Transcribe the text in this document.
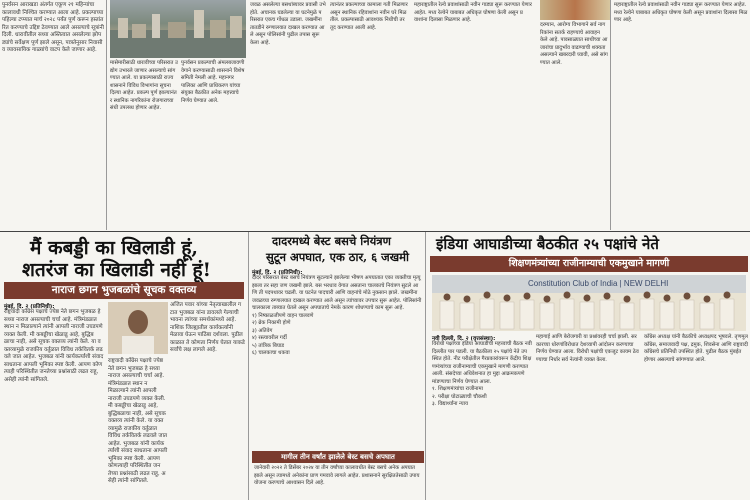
पुनर्वसन आराखडा अंतर्गत एकूण २१ महिन्यांचा कालावधी निश्चित करण्यात आला आहे. प्रकल्पाच्या पहिल्या टप्प्यात मार्च २०२८ पर्यंत पूर्ण करून हस्तांतरित करण्याचे उद्दिष्ट ठेवण्यात आले असल्याचे सूत्रांनी दिली. धारावीतील सध्या अस्तित्वात असलेल्या झोपड्यांचे सर्वेक्षण पूर्ण झाले असून, पात्रतेनुसार निवासी व व्यावसायिक गाळ्यांचे वाटप केले जाणार आहे.
मासेमारीसाठी धारावीच्या परिसरात उद्योग उभारले जाणार असल्याचे सांगण्यात आले. या प्रकल्पासाठी राज्य शासनाने विविध विभागांना सूचना दिल्या आहेत. प्रकल्प पूर्ण झाल्यानंतर स्थानिक नागरिकांना रोजगाराच्या संधी उपलब्ध होणार आहेत.
पुनर्वसन प्रकल्पाची अंमलबजावणी वेगाने करण्यासाठी शासनाने विशेष समिती नेमली आहे. महानगरपालिका आणि प्राधिकरण यांच्या संयुक्त बैठकीत अनेक महत्त्वाचे निर्णय घेण्यात आले.
जवळ असलेल्या बसथांब्यावर प्रवासी उभे होते. अचानक घडलेल्या या घटनेमुळे परिसरात एकच गोंधळ उडाला. जखमींना तातडीने रुग्णालयात दाखल करण्यात आले असून पोलिसांनी पुढील तपास सुरू केला आहे.
त्यानंतर प्रकल्पाच्या कामाला गती मिळणार असून स्थानिक रहिवाशांना नवीन घरे मिळतील. प्रकल्पासाठी आवश्यक निधीची तरतूद करण्यात आली आहे.
महाराष्ट्रातील रेल्वे प्रवाशांसाठी नवीन गाड्या सुरू करण्यात येणार आहेत. मध्य रेल्वेने याबाबत अधिकृत घोषणा केली असून प्रवाशांना दिलासा मिळणार आहे.
दरम्यान, आरोग्य विभागाने सर्व नागरिकांना सतर्क राहण्याचे आवाहन केले आहे. पावसाळ्यात साथीच्या आजारांचा प्रादुर्भाव वाढण्याची शक्यता असल्याने खबरदारी घ्यावी, असे सांगण्यात आले.
महाराष्ट्रातील रेल्वे प्रवाशांसाठी नवीन गाड्या सुरू करण्यात येणार आहेत. मध्य रेल्वेने याबाबत अधिकृत घोषणा केली असून प्रवाशांना दिलासा मिळणार आहे.
मैं कबड्डी का खिलाडी हूं,
शतरंज का खिलाडी नहीं हूं!
नाराज छगन भुजबळांचे सूचक वक्तव्य
मुंबई, दि. २ (प्रतिनिधी):
राष्ट्रवादी काँग्रेस पक्षाचे ज्येष्ठ नेते छगन भुजबळ हे सध्या नाराज असल्याची चर्चा आहे. मंत्रिमंडळात स्थान न मिळाल्याने त्यांनी आपली नाराजी उघडपणे व्यक्त केली. मी कबड्डीचा खेळाडू आहे, बुद्धिबळाचा नाही, असे सूचक वक्तव्य त्यांनी केले. या वक्तव्यामुळे राजकीय वर्तुळात विविध तर्कवितर्क लढवले जात आहेत. भुजबळ यांनी कार्यकर्त्यांशी संवाद साधताना आपली भूमिका स्पष्ट केली. आपण कोणत्याही परिस्थितीत जनतेच्या प्रश्नांसाठी लढत राहू, असेही त्यांनी सांगितले.
अजित पवार यांच्या नेतृत्वाखालील गटात भुजबळ यांना डावलले गेल्याची भावना त्यांच्या समर्थकांमध्ये आहे. नाशिक जिल्ह्यातील कार्यकर्त्यांनी मेळावा घेऊन पाठिंबा दर्शवला. पुढील काळात ते कोणता निर्णय घेतात याकडे सर्वांचे लक्ष लागले आहे.
राष्ट्रवादी काँग्रेस पक्षाचे ज्येष्ठ नेते छगन भुजबळ हे सध्या नाराज असल्याची चर्चा आहे. मंत्रिमंडळात स्थान न मिळाल्याने त्यांनी आपली नाराजी उघडपणे व्यक्त केली. मी कबड्डीचा खेळाडू आहे, बुद्धिबळाचा नाही, असे सूचक वक्तव्य त्यांनी केले. या वक्तव्यामुळे राजकीय वर्तुळात विविध तर्कवितर्क लढवले जात आहेत. भुजबळ यांनी कार्यकर्त्यांशी संवाद साधताना आपली भूमिका स्पष्ट केली. आपण कोणत्याही परिस्थितीत जनतेच्या प्रश्नांसाठी लढत राहू, असेही त्यांनी सांगितले.
दादरमध्ये बेस्ट बसचे नियंत्रण
सुटून अपघात, एक ठार, ६ जखमी
मुंबई, दि. २ (प्रतिनिधी):
दादर परिसरात बेस्ट बसचे नियंत्रण सुटल्याने झालेल्या भीषण अपघातात एका व्यक्तीचा मृत्यू झाला तर सहा जण जखमी झाले. बस भरधाव वेगात असताना चालकाचे नियंत्रण सुटले आणि ती पदपथावर चढली. या घटनेत पादचारी आणि वाहनांचे मोठे नुकसान झाले. जखमींना जवळच्या रुग्णालयात दाखल करण्यात आले असून त्यांच्यावर उपचार सुरू आहेत. पोलिसांनी चालकाला ताब्यात घेतले असून अपघाताचे नेमके कारण शोधण्याचे काम सुरू आहे.
१) निष्काळजीपणे वाहन चालवणे
२) ब्रेक निकामी होणे
३) अतिवेग
४) रस्त्यावरील गर्दी
५) तांत्रिक बिघाड
६) चालकाचा थकवा
मागील तीन वर्षांत झालेले बेस्ट बसचे अपघात
जानेवारी २०२२ ते डिसेंबर २०२४ या तीन वर्षांच्या कालावधीत बेस्ट बसचे अनेक अपघात झाले असून त्यामध्ये अनेकांना प्राण गमवावे लागले आहेत. प्रशासनाने सुरक्षिततेसाठी उपाययोजना करण्याचे आश्वासन दिले आहे.
इंडिया आघाडीच्या बैठकीत २५ पक्षांचे नेते
शिक्षणमंत्र्यांच्या राजीनाम्याची एकमुखाने मागणी
Constitution Club of India | NEW DELHI
नवी दिल्ली, दि. २ (वृत्तसंस्था):
विरोधी पक्षांच्या इंडिया आघाडीची महत्त्वाची बैठक नवी दिल्लीत पार पडली. या बैठकीला २५ पक्षांचे नेते उपस्थित होते. नीट परीक्षेतील गैरप्रकारांवरून केंद्रीय शिक्षणमंत्र्यांच्या राजीनाम्याची एकमुखाने मागणी करण्यात आली. संसदेच्या अधिवेशनात हा मुद्दा आक्रमकपणे मांडण्याचा निर्णय घेण्यात आला.
१. शिक्षणमंत्र्यांचा राजीनामा
२. परीक्षा घोटाळ्याची चौकशी
३. विद्यार्थ्यांना न्याय
महागाई आणि बेरोजगारी या प्रश्नांवरही चर्चा झाली. सरकारच्या धोरणांविरोधात देशव्यापी आंदोलन करण्याचा निर्णय घेण्यात आला. विरोधी पक्षांची एकजूट कायम ठेवण्याचा निर्धार सर्व नेत्यांनी व्यक्त केला.
काँग्रेस अध्यक्ष यांनी बैठकीचे अध्यक्षपद भूषवले. तृणमूल काँग्रेस, समाजवादी पक्ष, द्रमुक, शिवसेना आणि राष्ट्रवादी काँग्रेसचे प्रतिनिधी उपस्थित होते. पुढील बैठक मुंबईत होणार असल्याचे सांगण्यात आले.
